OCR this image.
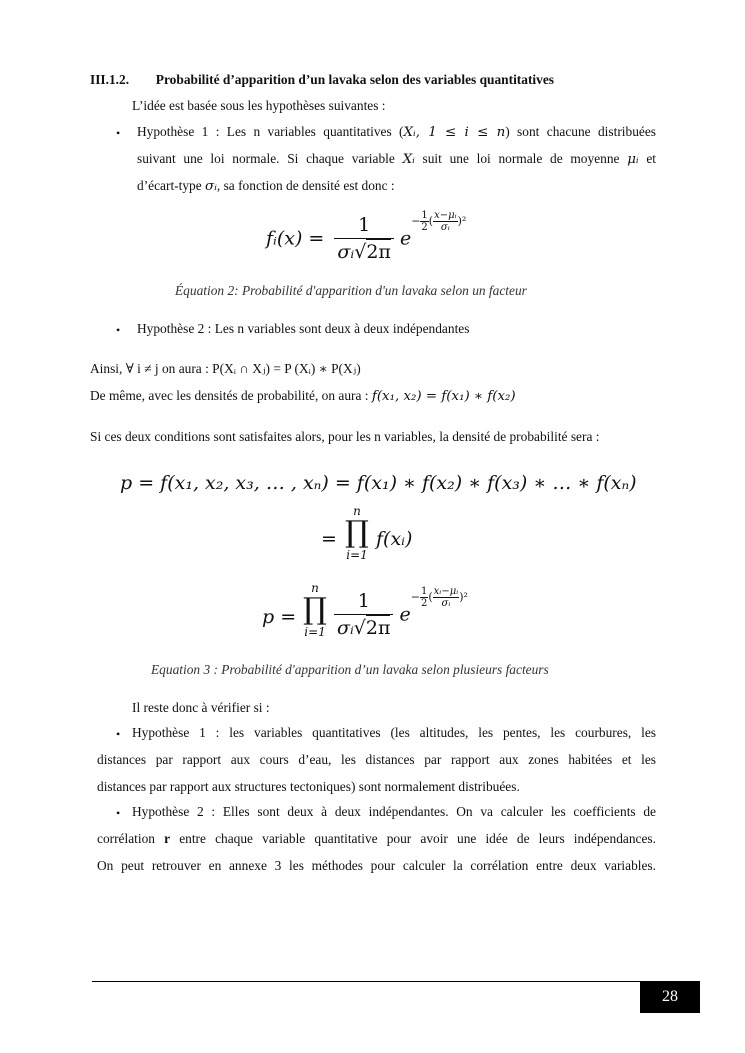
III.1.2. Probabilité d’apparition d’un lavaka selon des variables quantitatives
L’idée est basée sous les hypothèses suivantes :
• Hypothèse 1 : Les n variables quantitatives (Xᵢ, 1 ≤ i ≤ n) sont chacune distribuées
suivant une loi normale. Si chaque variable Xᵢ suit une loi normale de moyenne μᵢ et
d’écart-type σᵢ, sa fonction de densité est donc :
fᵢ(x) = $\frac{1}{\text{σᵢ√2π}} e- \frac{1}{2}$ ( $\frac{\text{x−μᵢ}}{\text{σᵢ}} )^2$
Équation 2: Probabilité d'apparition d'un lavaka selon un facteur
• Hypothèse 2 : Les n variables sont deux à deux indépendantes
Ainsi, ∀ i ≠ j on aura : P(Xᵢ ∩ Xⱼ) = P (Xᵢ) ∗ P(Xⱼ)
De même, avec les densités de probabilité, on aura : f(x₁, x₂) = f(x₁) ∗ f(x₂)
Si ces deux conditions sont satisfaites alors, pour les n variables, la densité de probabilité sera :
p = f(x₁, x₂, x₃, … , xₙ) = f(x₁) ∗ f(x₂) ∗ f(x₃) ∗ … ∗ f(xₙ)
=
n
∏
i=1
f(xᵢ)
p =
n
∏
$i=1 \frac{1}{\text{σᵢ√2π}} e- \frac{1}{2}$ ( $\frac{\text{xᵢ−μᵢ}}{\text{σᵢ}} )^2$
Equation 3 : Probabilité d'apparition d’un lavaka selon plusieurs facteurs
Il reste donc à vérifier si :
• Hypothèse 1 : les variables quantitatives (les altitudes, les pentes, les courbures, les
distances par rapport aux cours d’eau, les distances par rapport aux zones habitées et les
distances par rapport aux structures tectoniques) sont normalement distribuées.
• Hypothèse 2 : Elles sont deux à deux indépendantes. On va calculer les coefficients de
corrélation r entre chaque variable quantitative pour avoir une idée de leurs indépendances.
On peut retrouver en annexe 3 les méthodes pour calculer la corrélation entre deux variables.
28
